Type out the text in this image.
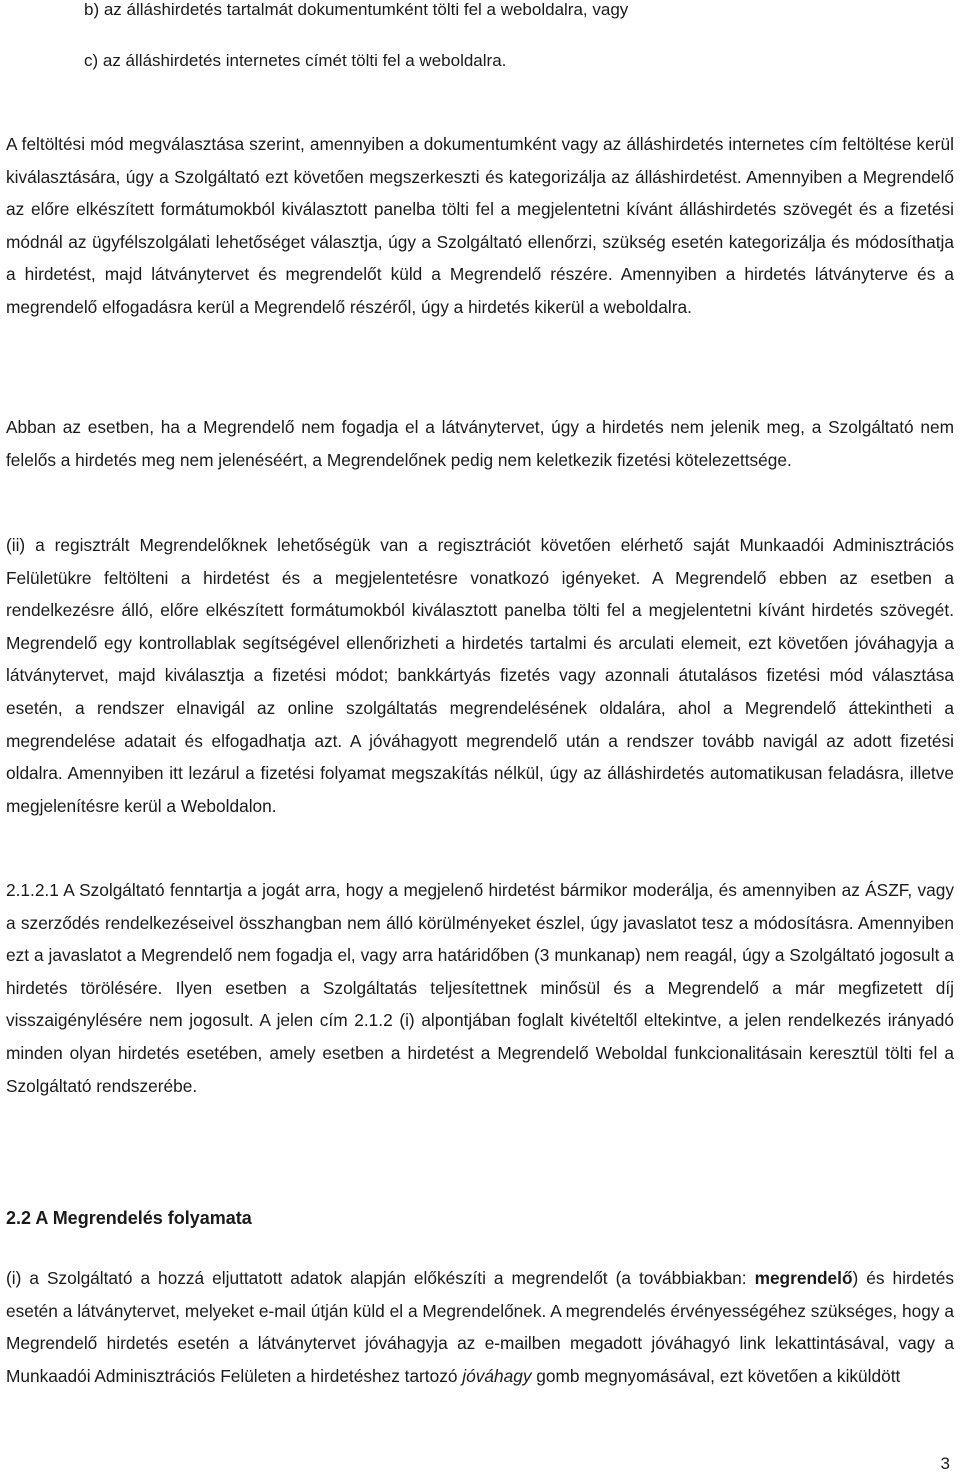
b) az álláshirdetés tartalmát dokumentumként tölti fel a weboldalra, vagy
c) az álláshirdetés internetes címét tölti fel a weboldalra.

A feltöltési mód megválasztása szerint, amennyiben a dokumentumként vagy az álláshirdetés internetes cím feltöltése kerül kiválasztására, úgy a Szolgáltató ezt követően megszerkeszti és kategorizálja az álláshirdetést. Amennyiben a Megrendelő az előre elkészített formátumokból kiválasztott panelba tölti fel a megjelentetni kívánt álláshirdetés szövegét és a fizetési módnál az ügyfélszolgálati lehetőséget választja, úgy a Szolgáltató ellenőrzi, szükség esetén kategorizálja és módosíthatja a hirdetést, majd látványtervet és megrendelőt küld a Megrendelő részére. Amennyiben a hirdetés látványterve és a megrendelő elfogadásra kerül a Megrendelő részéről, úgy a hirdetés kikerül a weboldalra.

Abban az esetben, ha a Megrendelő nem fogadja el a látványtervet, úgy a hirdetés nem jelenik meg, a Szolgáltató nem felelős a hirdetés meg nem jelenéséért, a Megrendelőnek pedig nem keletkezik fizetési kötelezettsége.

(ii) a regisztrált Megrendelőknek lehetőségük van a regisztrációt követően elérhető saját Munkaadói Adminisztrációs Felületükre feltölteni a hirdetést és a megjelentetésre vonatkozó igényeket. A Megrendelő ebben az esetben a rendelkezésre álló, előre elkészített formátumokból kiválasztott panelba tölti fel a megjelentetni kívánt hirdetés szövegét. Megrendelő egy kontrollablak segítségével ellenőrizheti a hirdetés tartalmi és arculati elemeit, ezt követően jóváhagyja a látványtervet, majd kiválasztja a fizetési módot; bankkártyás fizetés vagy azonnali átutalásos fizetési mód választása esetén, a rendszer elnavigál az online szolgáltatás megrendelésének oldalára, ahol a Megrendelő áttekintheti a megrendelése adatait és elfogadhatja azt. A jóváhagyott megrendelő után a rendszer tovább navigál az adott fizetési oldalra. Amennyiben itt lezárul a fizetési folyamat megszakítás nélkül, úgy az álláshirdetés automatikusan feladásra, illetve megjelenítésre kerül a Weboldalon.

2.1.2.1 A Szolgáltató fenntartja a jogát arra, hogy a megjelenő hirdetést bármikor moderálja, és amennyiben az ÁSZF, vagy a szerződés rendelkezéseivel összhangban nem álló körülményeket észlel, úgy javaslatot tesz a módosításra. Amennyiben ezt a javaslatot a Megrendelő nem fogadja el, vagy arra határidőben (3 munkanap) nem reagál, úgy a Szolgáltató jogosult a hirdetés törölésére. Ilyen esetben a Szolgáltatás teljesítettnek minősül és a Megrendelő a már megfizetett díj visszaigénylésére nem jogosult. A jelen cím 2.1.2 (i) alpontjában foglalt kivételtől eltekintve, a jelen rendelkezés irányadó minden olyan hirdetés esetében, amely esetben a hirdetést a Megrendelő Weboldal funkcionalitásain keresztül tölti fel a Szolgáltató rendszerébe.

2.2 A Megrendelés folyamata

(i) a Szolgáltató a hozzá eljuttatott adatok alapján előkészíti a megrendelőt (a továbbiakban: megrendelő) és hirdetés esetén a látványtervet, melyeket e-mail útján küld el a Megrendelőnek. A megrendelés érvényességéhez szükséges, hogy a Megrendelő hirdetés esetén a látványtervet jóváhagyja az e-mailben megadott jóváhagyó link lekattintásával, vagy a Munkaadói Adminisztrációs Felületen a hirdetéshez tartozó jóváhagy gomb megnyomásával, ezt követően a kiküldött

3
